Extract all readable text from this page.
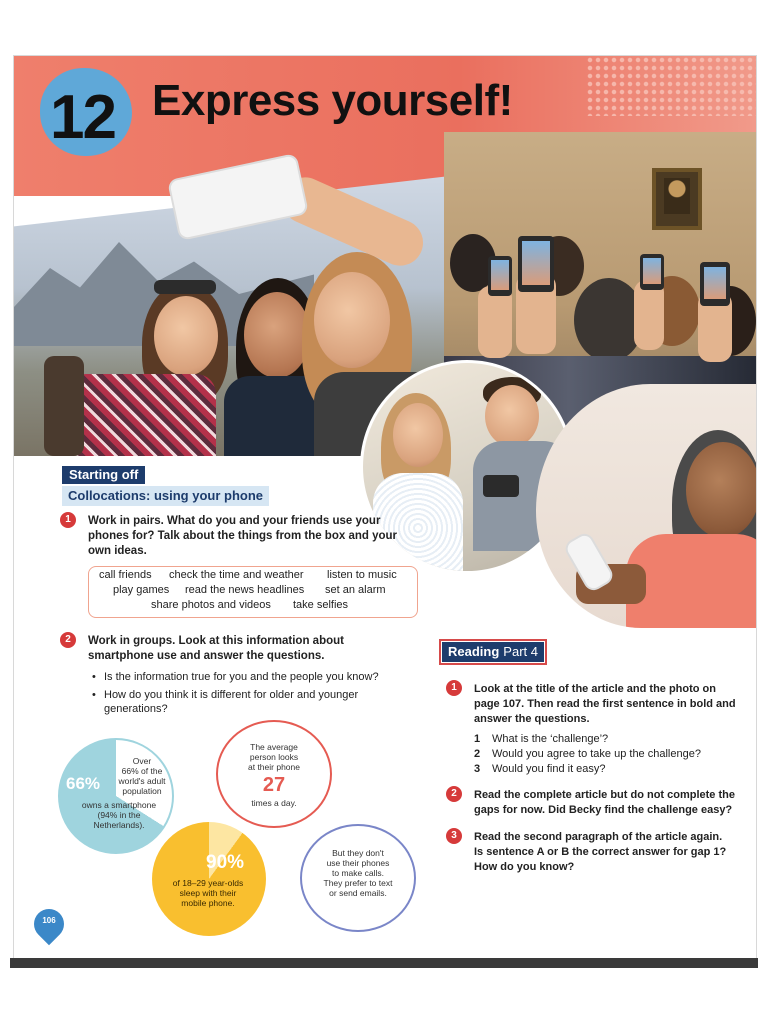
12 Express yourself!
Starting off
Collocations: using your phone
1	Work in pairs. What do you and your friends use your
phones for? Talk about the things from the box and your
own ideas.
call friends check the time and weather listen to music
play games read the news headlines set an alarm
share photos and videos take selfies
2	Work in groups. Look at this information about
smartphone use and answer the questions.
• Is the information true for you and the people you know?
• How do you think it is different for older and younger generations?
66%
Over
66% of the
world's adult
population
owns a smartphone
(94% in the
Netherlands).
The average
person looks
at their phone
27
times a day.
90%
of 18–29 year-olds
sleep with their
mobile phone.
But they don't
use their phones
to make calls.
They prefer to text
or send emails.
106
Reading Part 4
1	Look at the title of the article and the photo on
page 107. Then read the first sentence in bold and
answer the questions.
1 What is the ‘challenge’?
2 Would you agree to take up the challenge?
3 Would you find it easy?
2	Read the complete article but do not complete the
gaps for now. Did Becky find the challenge easy?
3	Read the second paragraph of the article again.
Is sentence A or B the correct answer for gap 1?
How do you know?
